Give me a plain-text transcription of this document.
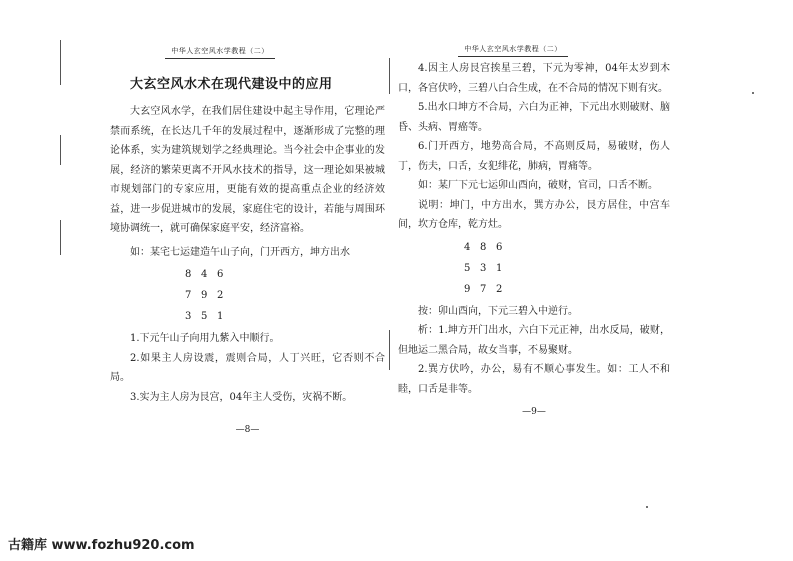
中华人玄空风水学教程（二）
大玄空风水术在现代建设中的应用

大玄空风水学，在我们居住建设中起主导作用，它理论严禁而系统，在长达几千年的发展过程中，逐渐形成了完整的理论体系，实为建筑规划学之经典理论。当今社会中企事业的发展，经济的繁荣更离不开风水技术的指导，这一理论如果被城市规划部门的专家应用，更能有效的提高重点企业的经济效益，进一步促进城市的发展，家庭住宅的设计，若能与周围环境协调统一，就可确保家庭平安，经济富裕。

如：某宅七运建造午山子向，门开西方，坤方出水

8 4 6
7 9 2
3 5 1

1.下元午山子向用九紫入中顺行。

2.如果主人房设震，震则合局，人丁兴旺，它否则不合局。

3.实为主人房为艮宫，04年主人受伤，灾祸不断。

—8—
中华人玄空风水学教程（二）

4.因主人房艮宫挨星三碧，下元为零神，04年太岁到木口，各宫伏吟，三碧八白合生成，在不合局的情况下则有灾。

5.出水口坤方不合局，六白为正神，下元出水则破财、脑昏、头病、胃癌等。

6.门开西方，地势高合局，不高则反局，易破财，伤人丁，伤夫，口舌，女犯绯花，肺病，胃痛等。

如：某厂下元七运卯山酉向，破财，官司，口舌不断。

说明：坤门，中方出水，巽方办公，艮方居住，中宫车间，坎方仓库，乾方灶。

4 8 6
5 3 1
9 7 2

按：卯山酉向，下元三碧入中逆行。

析：1.坤方开门出水，六白下元正神，出水反局，破财，但地运二黑合局，故女当事，不易聚财。

2.巽方伏吟，办公，易有不顺心事发生。如：工人不和睦，口舌是非等。

—9—
古籍库 www.fozhu920.com
